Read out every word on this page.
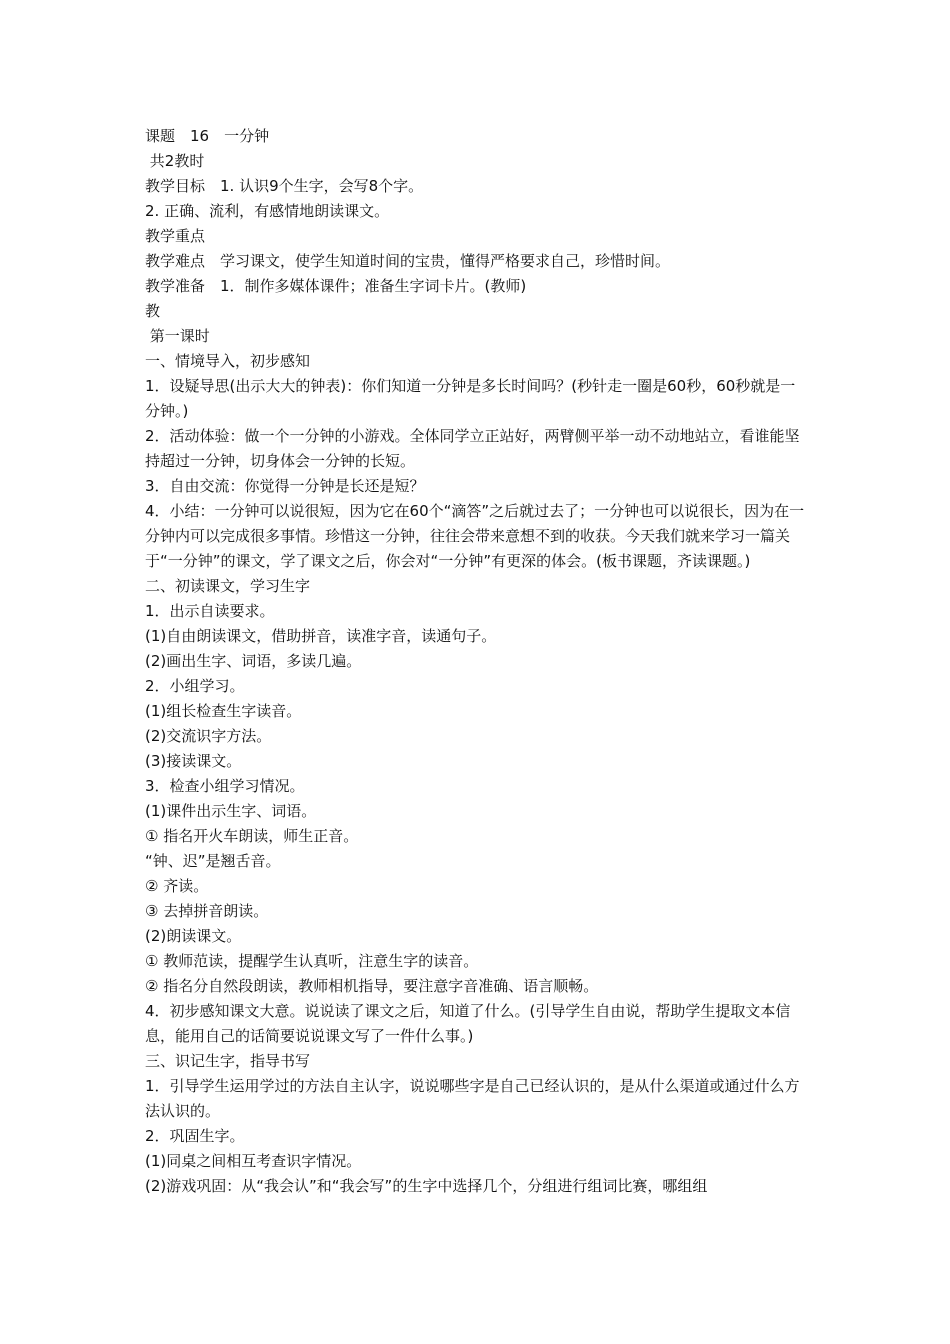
课题　16　一分钟

共2教时

教学目标　1. 认识9个生字，会写8个字。

2. 正确、流利，有感情地朗读课文。

教学重点

教学难点　学习课文，使学生知道时间的宝贵，懂得严格要求自己，珍惜时间。

教学准备　1．制作多媒体课件；准备生字词卡片。(教师)

教

第一课时

一、情境导入，初步感知

1．设疑导思(出示大大的钟表)：你们知道一分钟是多长时间吗？(秒针走一圈是60秒，60秒就是一分钟。)

2．活动体验：做一个一分钟的小游戏。全体同学立正站好，两臂侧平举一动不动地站立，看谁能坚持超过一分钟，切身体会一分钟的长短。

3．自由交流：你觉得一分钟是长还是短？

4．小结：一分钟可以说很短，因为它在60个“滴答”之后就过去了；一分钟也可以说很长，因为在一分钟内可以完成很多事情。珍惜这一分钟，往往会带来意想不到的收获。今天我们就来学习一篇关于“一分钟”的课文，学了课文之后，你会对“一分钟”有更深的体会。(板书课题，齐读课题。)

二、初读课文，学习生字

1．出示自读要求。

(1)自由朗读课文，借助拼音，读准字音，读通句子。

(2)画出生字、词语，多读几遍。

2．小组学习。

(1)组长检查生字读音。

(2)交流识字方法。

(3)接读课文。

3．检查小组学习情况。

(1)课件出示生字、词语。

① 指名开火车朗读，师生正音。

“钟、迟”是翘舌音。

② 齐读。

③ 去掉拼音朗读。

(2)朗读课文。

① 教师范读，提醒学生认真听，注意生字的读音。

② 指名分自然段朗读，教师相机指导，要注意字音准确、语言顺畅。

4．初步感知课文大意。说说读了课文之后，知道了什么。(引导学生自由说，帮助学生提取文本信息，能用自己的话简要说说课文写了一件什么事。)

三、识记生字，指导书写

1．引导学生运用学过的方法自主认字，说说哪些字是自己已经认识的，是从什么渠道或通过什么方法认识的。

2．巩固生字。

(1)同桌之间相互考查识字情况。

(2)游戏巩固：从“我会认”和“我会写”的生字中选择几个，分组进行组词比赛，哪组组
